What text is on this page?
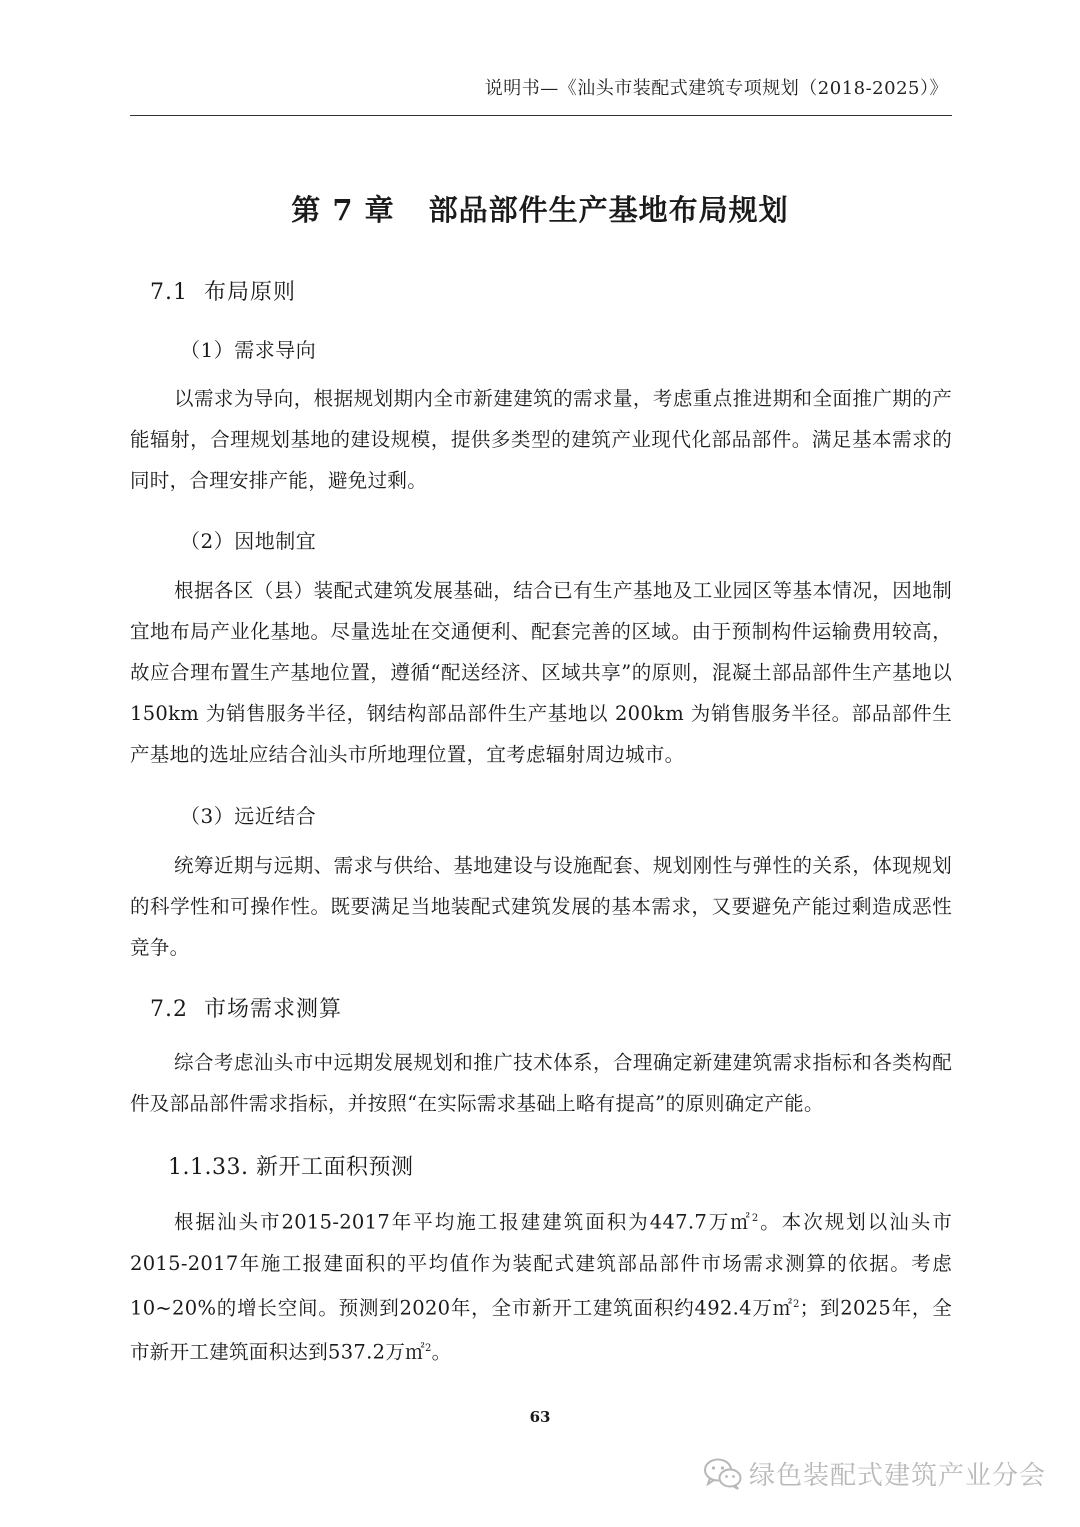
说明书—《汕头市装配式建筑专项规划（2018-2025）》
第 7 章 部品部件生产基地布局规划
7.1 布局原则
（1）需求导向
以需求为导向，根据规划期内全市新建建筑的需求量，考虑重点推进期和全面推广期的产能辐射，合理规划基地的建设规模，提供多类型的建筑产业现代化部品部件。满足基本需求的同时，合理安排产能，避免过剩。
（2）因地制宜
根据各区（县）装配式建筑发展基础，结合已有生产基地及工业园区等基本情况，因地制宜地布局产业化基地。尽量选址在交通便利、配套完善的区域。由于预制构件运输费用较高，故应合理布置生产基地位置，遵循“配送经济、区域共享”的原则，混凝土部品部件生产基地以 150km 为销售服务半径，钢结构部品部件生产基地以 200km 为销售服务半径。部品部件生产基地的选址应结合汕头市所地理位置，宜考虑辐射周边城市。
（3）远近结合
统筹近期与远期、需求与供给、基地建设与设施配套、规划刚性与弹性的关系，体现规划的科学性和可操作性。既要满足当地装配式建筑发展的基本需求，又要避免产能过剩造成恶性竞争。
7.2 市场需求测算
综合考虑汕头市中远期发展规划和推广技术体系，合理确定新建建筑需求指标和各类构配件及部品部件需求指标，并按照“在实际需求基础上略有提高”的原则确定产能。
1.1.33. 新开工面积预测
根据汕头市2015-2017年平均施工报建建筑面积为447.7万㎡$^2$。本次规划以汕头市2015-2017年施工报建面积的平均值作为装配式建筑部品部件市场需求测算的依据。考虑10~20%的增长空间。预测到2020年，全市新开工建筑面积约492.4万㎡$^2$；到2025年，全市新开工建筑面积达到537.2万㎡$^2$。
63
绿色装配式建筑产业分会
